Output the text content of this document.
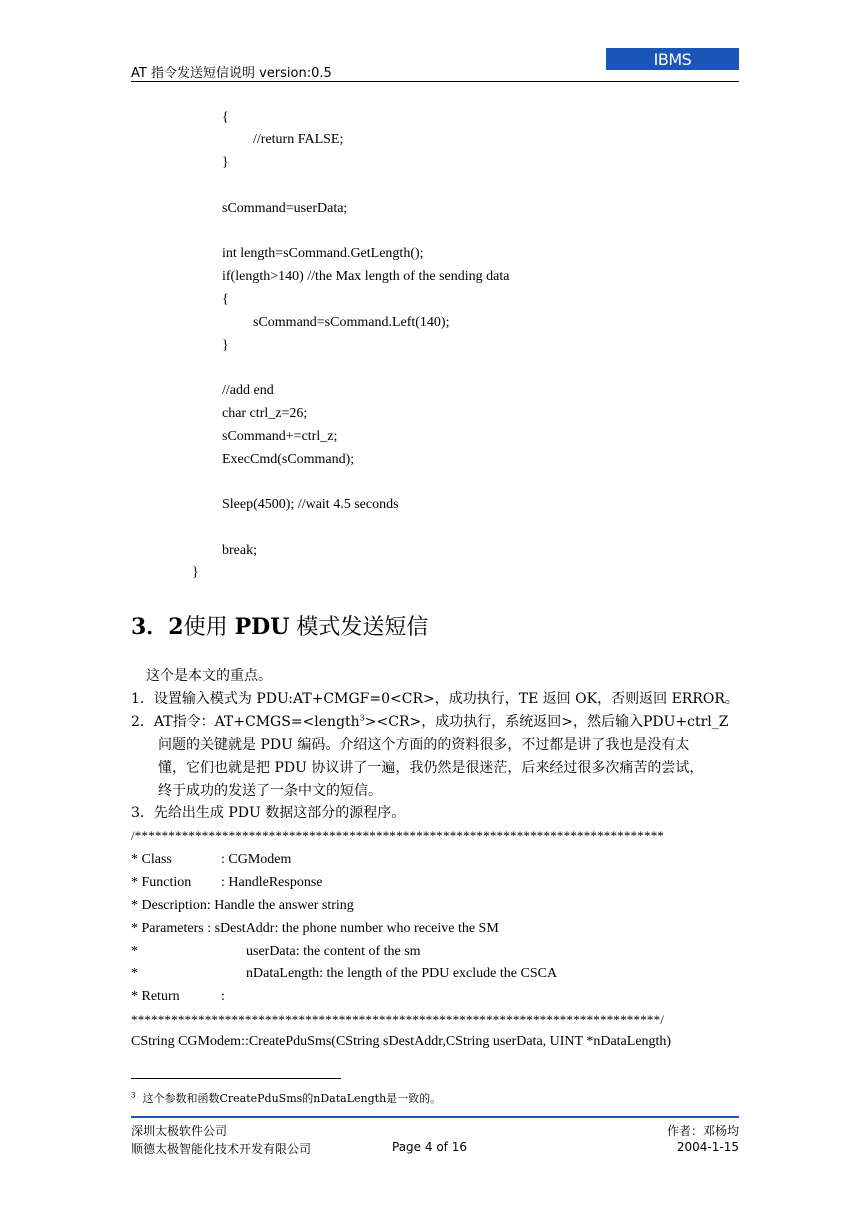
AT 指令发送短信说明 version:0.5
IBMS
{
//return FALSE;
}
sCommand=userData;
int length=sCommand.GetLength();
if(length>140) //the Max length of the sending data
{
sCommand=sCommand.Left(140);
}
//add end
char ctrl_z=26;
sCommand+=ctrl_z;
ExecCmd(sCommand);
Sleep(4500); //wait 4.5 seconds
break;
}
3．2使用 PDU 模式发送短信
这个是本文的重点。
1．设置输入模式为 PDU:AT+CMGF=0<CR>，成功执行，TE 返回 OK，否则返回 ERROR。
2．AT指令：AT+CMGS=<length$^3$><CR>，成功执行，系统返回>，然后输入PDU+ctrl_Z
问题的关键就是 PDU 编码。介绍这个方面的的资料很多，不过都是讲了我也是没有太
懂，它们也就是把 PDU 协议讲了一遍，我仍然是很迷茫，后来经过很多次痛苦的尝试，
终于成功的发送了一条中文的短信。
3．先给出生成 PDU 数据这部分的源程序。
/*******************************************************************************
* Class	: CGModem
* Function : HandleResponse
* Description: Handle the answer string
* Parameters : sDestAddr: the phone number who receive the SM
*	userData: the content of the sm
*	nDataLength: the length of the PDU exclude the CSCA
* Return	:
*******************************************************************************/
CString CGModem::CreatePduSms(CString sDestAddr,CString userData, UINT *nDataLength)
$^3$ 这个参数和函数CreatePduSms的nDataLength是一致的。
深圳太极软件公司
顺德太极智能化技术开发有限公司	Page 4 of 16
作者：邓杨均
2004-1-15
